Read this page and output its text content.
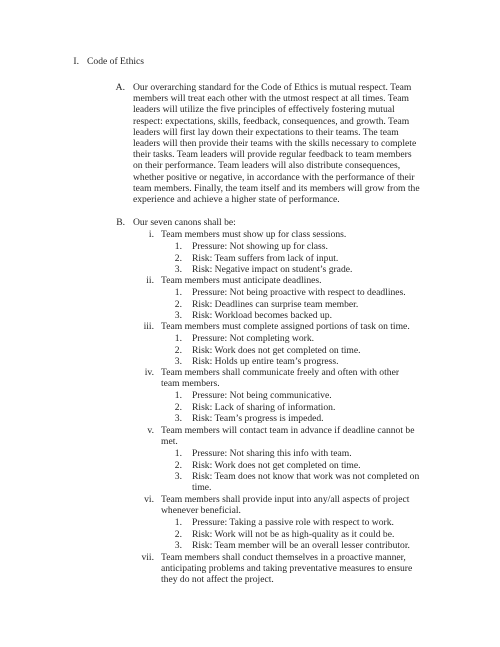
I. Code of Ethics
A. Our overarching standard for the Code of Ethics is mutual respect. Team
members will treat each other with the utmost respect at all times. Team
leaders will utilize the five principles of effectively fostering mutual
respect: expectations, skills, feedback, consequences, and growth. Team
leaders will first lay down their expectations to their teams. The team
leaders will then provide their teams with the skills necessary to complete
their tasks. Team leaders will provide regular feedback to team members
on their performance. Team leaders will also distribute consequences,
whether positive or negative, in accordance with the performance of their
team members. Finally, the team itself and its members will grow from the
experience and achieve a higher state of performance.
B. Our seven canons shall be:
i. Team members must show up for class sessions.
1. Pressure: Not showing up for class.
2. Risk: Team suffers from lack of input.
3. Risk: Negative impact on student’s grade.
ii. Team members must anticipate deadlines.
1. Pressure: Not being proactive with respect to deadlines.
2. Risk: Deadlines can surprise team member.
3. Risk: Workload becomes backed up.
iii. Team members must complete assigned portions of task on time.
1. Pressure: Not completing work.
2. Risk: Work does not get completed on time.
3. Risk: Holds up entire team’s progress.
iv. Team members shall communicate freely and often with other
team members.
1. Pressure: Not being communicative.
2. Risk: Lack of sharing of information.
3. Risk: Team’s progress is impeded.
v. Team members will contact team in advance if deadline cannot be
met.
1. Pressure: Not sharing this info with team.
2. Risk: Work does not get completed on time.
3. Risk: Team does not know that work was not completed on
time.
vi. Team members shall provide input into any/all aspects of project
whenever beneficial.
1. Pressure: Taking a passive role with respect to work.
2. Risk: Work will not be as high-quality as it could be.
3. Risk: Team member will be an overall lesser contributor.
vii. Team members shall conduct themselves in a proactive manner,
anticipating problems and taking preventative measures to ensure
they do not affect the project.
